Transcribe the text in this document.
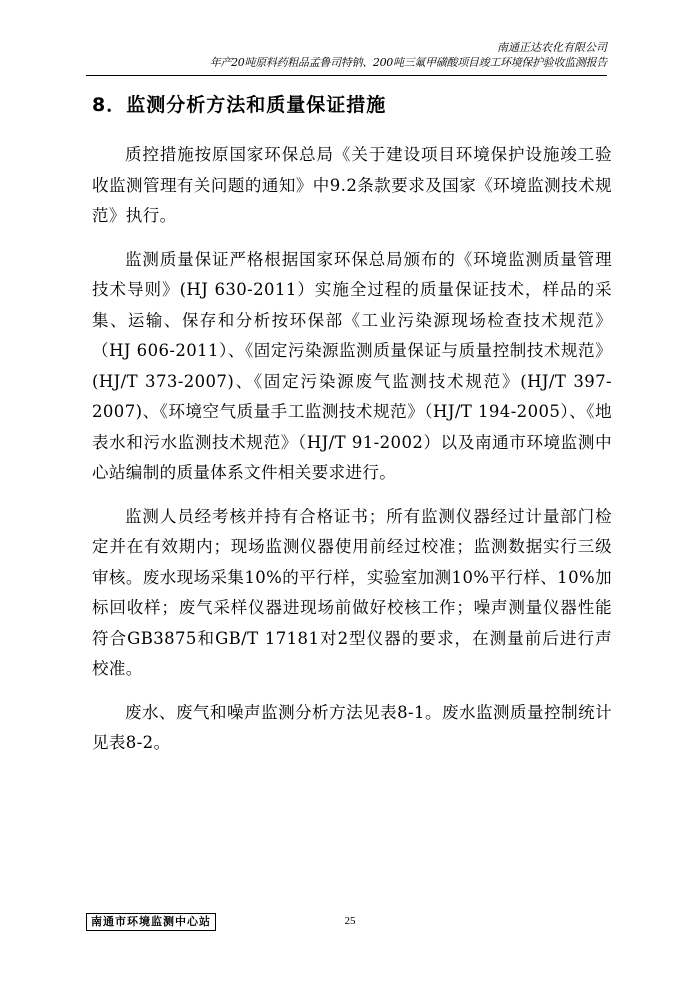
南通正达农化有限公司
年产20吨原料药粗品孟鲁司特钠、200吨三氟甲磺酸项目竣工环境保护验收监测报告
8．监测分析方法和质量保证措施

质控措施按原国家环保总局《关于建设项目环境保护设施竣工验收监测管理有关问题的通知》中9.2条款要求及国家《环境监测技术规范》执行。

监测质量保证严格根据国家环保总局颁布的《环境监测质量管理技术导则》(HJ 630-2011）实施全过程的质量保证技术，样品的采集、运输、保存和分析按环保部《工业污染源现场检查技术规范》（HJ 606-2011）、《固定污染源监测质量保证与质量控制技术规范》(HJ/T 373-2007)、《固定污染源废气监测技术规范》(HJ/T 397-2007)、《环境空气质量手工监测技术规范》（HJ/T 194-2005）、《地表水和污水监测技术规范》（HJ/T 91-2002）以及南通市环境监测中心站编制的质量体系文件相关要求进行。

监测人员经考核并持有合格证书；所有监测仪器经过计量部门检定并在有效期内；现场监测仪器使用前经过校准；监测数据实行三级审核。废水现场采集10%的平行样，实验室加测10%平行样、10%加标回收样；废气采样仪器进现场前做好校核工作；噪声测量仪器性能符合GB3875和GB/T 17181对2型仪器的要求，在测量前后进行声校准。

废水、废气和噪声监测分析方法见表8-1。废水监测质量控制统计见表8-2。

南通市环境监测中心站	25
